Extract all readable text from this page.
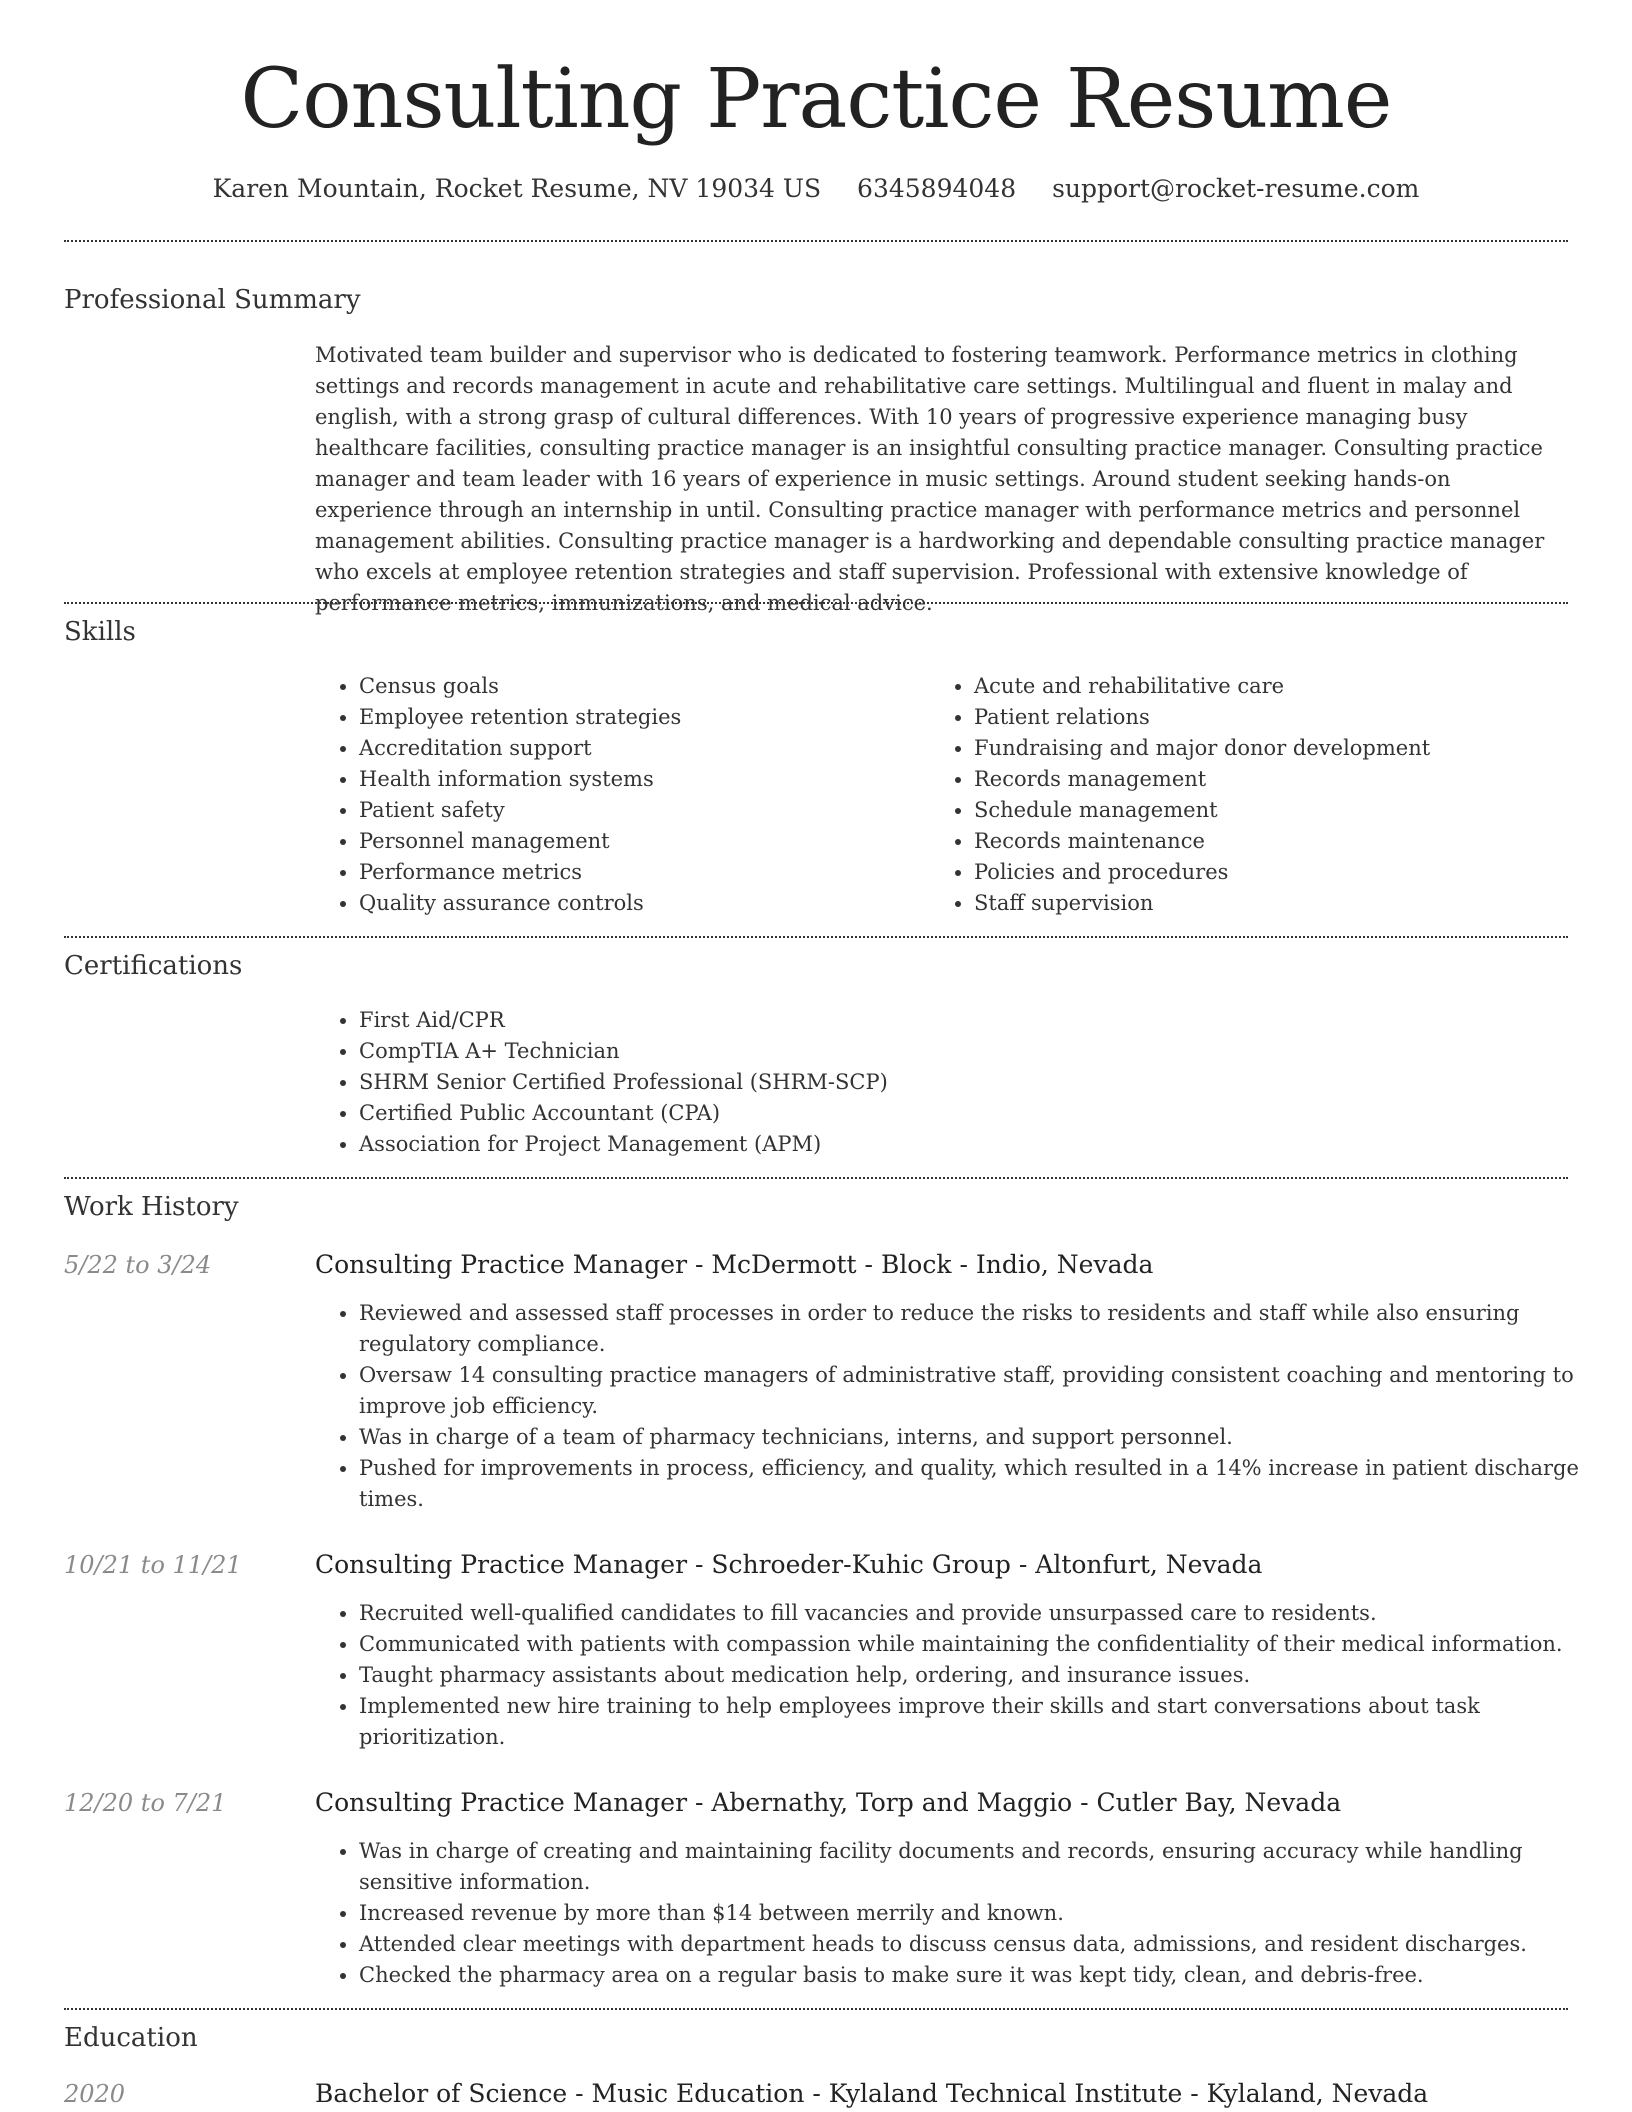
Consulting Practice Resume
Karen Mountain, Rocket Resume, NV 19034 US 6345894048 support@rocket-resume.com
Professional Summary
Motivated team builder and supervisor who is dedicated to fostering teamwork. Performance metrics in clothing settings and records management in acute and rehabilitative care settings. Multilingual and fluent in malay and english, with a strong grasp of cultural differences. With 10 years of progressive experience managing busy healthcare facilities, consulting practice manager is an insightful consulting practice manager. Consulting practice manager and team leader with 16 years of experience in music settings. Around student seeking hands-on experience through an internship in until. Consulting practice manager with performance metrics and personnel management abilities. Consulting practice manager is a hardworking and dependable consulting practice manager who excels at employee retention strategies and staff supervision. Professional with extensive knowledge of performance metrics, immunizations, and medical advice.
Skills
• Census goals
• Employee retention strategies
• Accreditation support
• Health information systems
• Patient safety
• Personnel management
• Performance metrics
• Quality assurance controls
• Acute and rehabilitative care
• Patient relations
• Fundraising and major donor development
• Records management
• Schedule management
• Records maintenance
• Policies and procedures
• Staff supervision
Certifications
• First Aid/CPR
• CompTIA A+ Technician
• SHRM Senior Certified Professional (SHRM-SCP)
• Certified Public Accountant (CPA)
• Association for Project Management (APM)
Work History
5/22 to 3/24	Consulting Practice Manager - McDermott - Block - Indio, Nevada
• Reviewed and assessed staff processes in order to reduce the risks to residents and staff while also ensuring regulatory compliance.
• Oversaw 14 consulting practice managers of administrative staff, providing consistent coaching and mentoring to improve job efficiency.
• Was in charge of a team of pharmacy technicians, interns, and support personnel.
• Pushed for improvements in process, efficiency, and quality, which resulted in a 14% increase in patient discharge times.
10/21 to 11/21	Consulting Practice Manager - Schroeder-Kuhic Group - Altonfurt, Nevada
• Recruited well-qualified candidates to fill vacancies and provide unsurpassed care to residents.
• Communicated with patients with compassion while maintaining the confidentiality of their medical information.
• Taught pharmacy assistants about medication help, ordering, and insurance issues.
• Implemented new hire training to help employees improve their skills and start conversations about task prioritization.
12/20 to 7/21	Consulting Practice Manager - Abernathy, Torp and Maggio - Cutler Bay, Nevada
• Was in charge of creating and maintaining facility documents and records, ensuring accuracy while handling sensitive information.
• Increased revenue by more than $14 between merrily and known.
• Attended clear meetings with department heads to discuss census data, admissions, and resident discharges.
• Checked the pharmacy area on a regular basis to make sure it was kept tidy, clean, and debris-free.
Education
2020	Bachelor of Science - Music Education - Kylaland Technical Institute - Kylaland, Nevada
